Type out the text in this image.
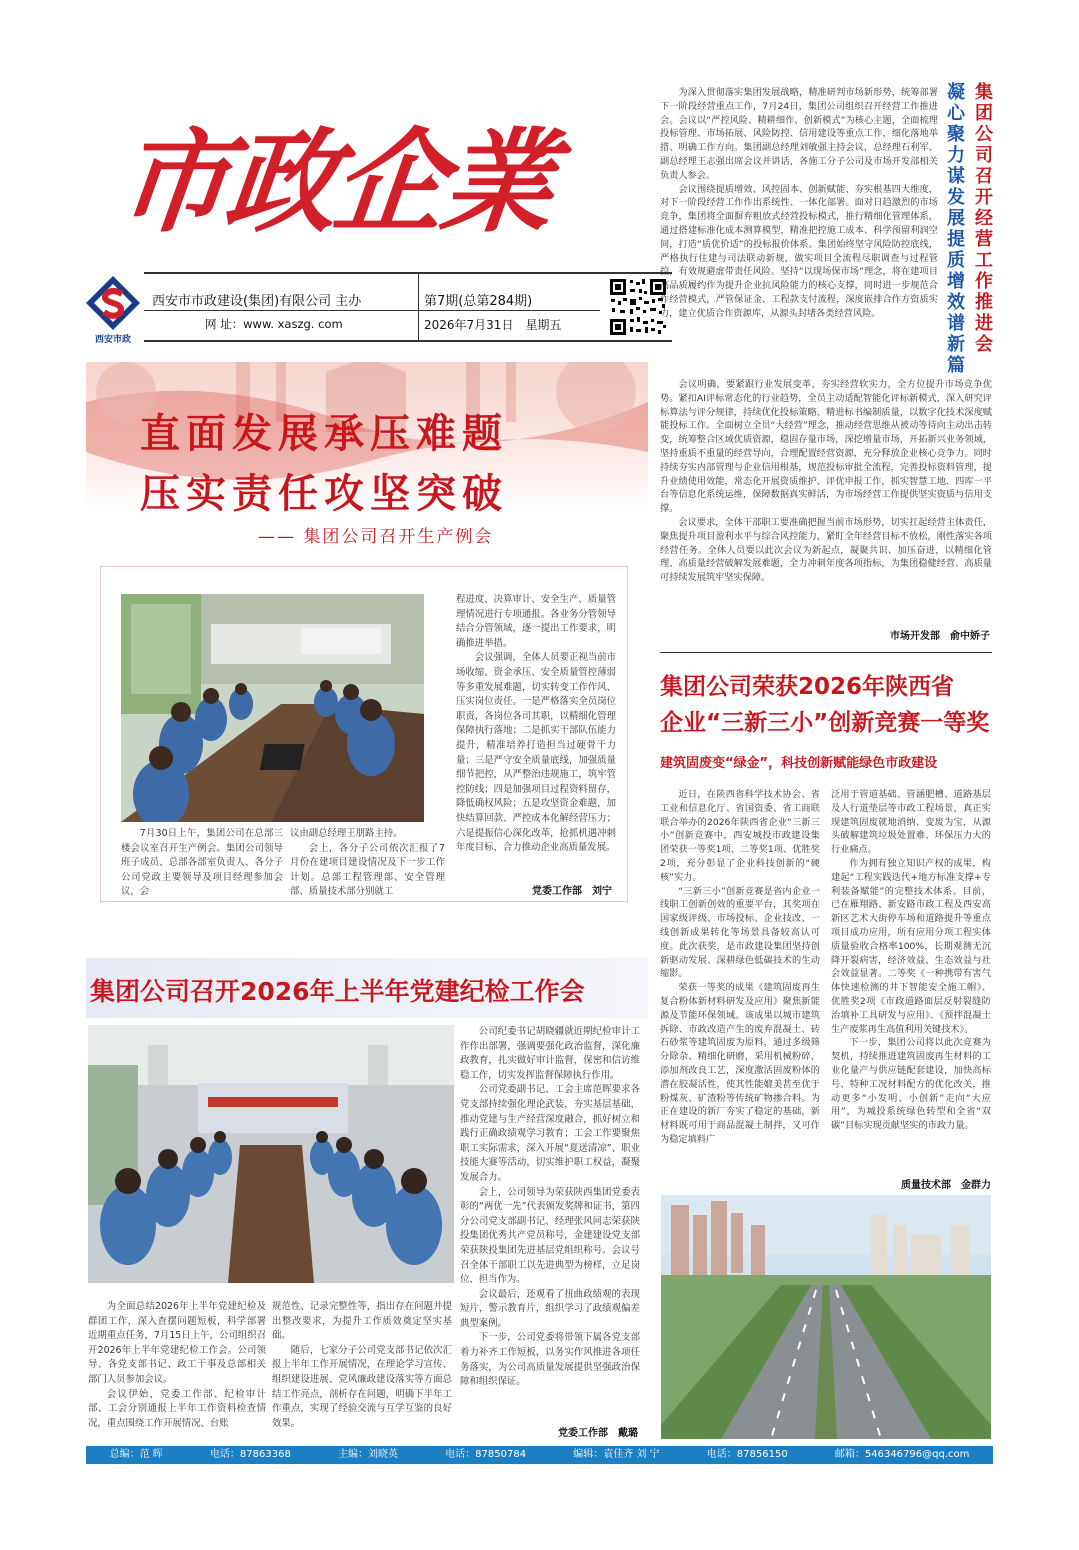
市政企業
西安市政
西安市市政建设(集团)有限公司 主办
网 址：www. xaszg. com
第7期(总第284期)
2026年7月31日　星期五
直面发展承压难题
压实责任攻坚突破
—— 集团公司召开生产例会

7月30日上午，集团公司在总部三楼会议室召开生产例会。集团公司领导班子成员、总部各部室负责人、各分子公司党政主要领导及项目经理参加会议，会

议由副总经理王朋路主持。

会上，各分子公司依次汇报了7月份在建项目建设情况及下一步工作计划。总部工程管理部、安全管理部、质量技术部分别就工

程进度、决算审计、安全生产、质量管理情况进行专项通报。各业务分管领导结合分管领域，逐一提出工作要求，明确推进举措。

会议强调，全体人员要正视当前市场收缩、资金承压、安全质量管控薄弱等多重发展难题，切实转变工作作风、压实岗位责任。一是严格落实全员岗位职责，各岗位各司其职，以精细化管理保障执行落地；二是抓实干部队伍能力提升，精准培养打造担当过硬骨干力量；三是严守安全质量底线，加强质量细节把控，从严整治违规施工，筑牢管控防线；四是加强项目过程资料留存，降低确权风险；五是攻坚资金难题，加快结算回款、严控成本化解经营压力；六是提振信心深化改革，抢抓机遇冲刺年度目标，合力推动企业高质量发展。

党委工作部　刘宁
集团公司召开2026年上半年党建纪检工作会

为全面总结2026年上半年党建纪检及群团工作，深入查摆问题短板，科学部署近期重点任务，7月15日上午，公司组织召开2026年上半年党建纪检工作会。公司领导、各党支部书记、政工干事及总部相关部门人员参加会议。

会议伊始，党委工作部、纪检审计部、工会分别通报上半年工作资料检查情况，重点围绕工作开展情况、台账

规范性、记录完整性等，指出存在问题并提出整改要求，为提升工作质效奠定坚实基础。

随后，七家分子公司党支部书记依次汇报上半年工作开展情况，在理论学习宣传、组织建设进展、党风廉政建设落实等方面总结工作亮点，剖析存在问题，明确下半年工作重点，实现了经验交流与互学互鉴的良好效果。

公司纪委书记胡晓疆就近期纪检审计工作作出部署，强调要强化政治监督，深化廉政教育，扎实做好审计监督，保密和信访维稳工作，切实发挥监督保障执行作用。

公司党委副书记、工会主席范晖要求各党支部持续强化理论武装，夯实基层基础，推动党建与生产经营深度融合，抓好树立和践行正确政绩观学习教育；工会工作要聚焦职工实际需求，深入开展“夏送清凉”、职业技能大赛等活动，切实维护职工权益，凝聚发展合力。

会上，公司领导为荣获陕西集团党委表彰的“两优一先”代表颁发奖牌和证书，第四分公司党支部副书记、经理张风同志荣获陕投集团优秀共产党员称号，金建建设党支部荣获陕投集团先进基层党组织称号。会议号召全体干部职工以先进典型为榜样，立足岗位、担当作为。

会议最后，还观看了扭曲政绩观的表现短片，警示教育片，组织学习了政绩观偏差典型案例。

下一步，公司党委将带领下属各党支部着力补齐工作短板，以务实作风推进各项任务落实，为公司高质量发展提供坚强政治保障和组织保证。

党委工作部　戴璐

为深入贯彻落实集团发展战略，精准研判市场新形势，统筹部署下一阶段经营重点工作，7月24日，集团公司组织召开经营工作推进会。会议以“严控风险、精耕细作、创新模式”为核心主题，全面梳理投标管理、市场拓展、风险防控、信用建设等重点工作，细化落地举措、明确工作方向。集团副总经理刘敏强主持会议，总经理石利军、副总经理王志强出席会议并讲话，各施工分子公司及市场开发部相关负责人参会。

会议围绕提质增效、风控固本、创新赋能、夯实根基四大维度，对下一阶段经营工作作出系统性、一体化部署。面对日趋激烈的市场竞争，集团将全面摒弃粗放式经营投标模式，推行精细化管理体系，通过搭建标准化成本测算模型，精准把控施工成本、科学预留利润空间，打造“质优价适”的投标报价体系。集团始终坚守风险防控底线，严格执行住建与司法联动新规，做实项目全流程尽职调查与过程管控，有效规避虚带责任风险。坚持“以现场保市场”理念，将在建项目高品质履约作为提升企业抗风险能力的核心支撑，同时进一步规范合作经营模式，严管保证金、工程款支付流程，深度嵌排合作方资质实力，建立优质合作资源库，从源头封堵各类经营风险。

会议明确，要紧跟行业发展变革，夯实经营软实力，全方位提升市场竞争优势。紧扣AI评标常态化的行业趋势，全员主动适配智能化评标新模式，深入研究评标算法与评分规律，持续优化投标策略、精进标书编制质量，以数字化技术深度赋能投标工作。全面树立全员“大经营”理念，推动经营思维从被动等待向主动出击转变，统筹整合区域优质资源，稳固存量市场，深挖增量市场，开拓新兴业务领域，坚持重质不重量的经营导向，合理配置经营资源，充分释放企业核心竞争力。同时持续夯实内部管理与企业信用根基，规范投标审批全流程，完善投标资料管理，提升业绩使用效能，常态化开展资质维护、评优申报工作，抓实智慧工地、四库一平台等信息化系统运维，保障数据真实鲜活，为市场经营工作提供坚实资质与信用支撑。

会议要求，全体干部职工要准确把握当前市场形势，切实扛起经营主体责任，聚焦提升项目盈利水平与综合风控能力，紧盯全年经营目标不放松，刚性落实各项经营任务。全体人员要以此次会议为新起点，凝聚共识、加压奋进，以精细化管理、高质量经营破解发展难题，全力冲刺年度各项指标，为集团稳健经营、高质量可持续发展筑牢坚实保障。

市场开发部　俞中娇子
凝
心
聚
力
谋
发
展
提
质
增
效
谱
新
篇
集
团
公
司
召
开
经
营
工
作
推
进
会
集团公司荣获2026年陕西省
企业“三新三小”创新竞赛一等奖
建筑固废变“绿金”，科技创新赋能绿色市政建设

近日，在陕西省科学技术协会、省工业和信息化厅、省国资委、省工商联联合举办的2026年陕西省企业“三新三小”创新竞赛中，西安城投市政建设集团荣获一等奖1项、二等奖1项、优胜奖2项，充分彰显了企业科技创新的“硬核”实力。

“三新三小”创新竞赛是省内企业一线职工创新创效的重要平台，其奖项在国家级评级、市场投标、企业技改、一线创新成果转化等场景具备较高认可度。此次获奖，是市政建设集团坚持创新驱动发展、深耕绿色低碳技术的生动缩影。

荣获一等奖的成果《建筑固废再生复合粉体新材料研发及应用》聚焦新能源及节能环保领域。该成果以城市建筑拆除、市政改造产生的废弃混凝土、砖石砂浆等建筑固废为原料，通过多级筛分除杂、精细化研磨，采用机械粉碎，添加剂改良工艺，深度激活固废粉体的潜在胶凝活性，使其性能媲美甚至优于粉煤灰、矿渣粉等传统矿物掺合料。为正在建设的新厂夯实了稳定的基础，新材料既可用于商品混凝土制拌，又可作为稳定填料广

泛用于管道基础、管涵肥槽、道路基层及人行道垫层等市政工程场景，真正实现建筑固废就地消纳、变废为宝，从源头破解建筑垃圾处置难、环保压力大的行业痛点。

作为拥有独立知识产权的成果，构建起“工程实践迭代+地方标准支撑+专利装备赋能”的完整技术体系。目前，已在雁翔路、新安路市政工程及西安高新区艺术大街停车场和道路提升等重点项目成功应用，所有应用分项工程实体质量验收合格率100%，长期观测无沉降开裂病害，经济效益、生态效益与社会效益显著。二等奖《一种携带有害气体快速检测的井下智能安全施工帽》、优胜奖2项《市政道路面层反射裂缝防治填补工具研发与应用》、《预拌混凝土生产废浆再生高值利用关键技术》。

下一步，集团公司将以此次竞赛为契机，持续推进建筑固废再生材料的工业化量产与供应链配套建设，加快高标号、特种工况材料配方的优化改关，推动更多“小发明、小创新”走向“大应用”，为城投系统绿色转型和全省“双碳”目标实现贡献坚实的市政力量。

质量技术部　金群力
总编：范 晖	电话：87863368	主编：刘晓英	电话：87850784	编辑：袁佳齐 刘 宁	电话：87856150	邮箱：546346796@qq.com
